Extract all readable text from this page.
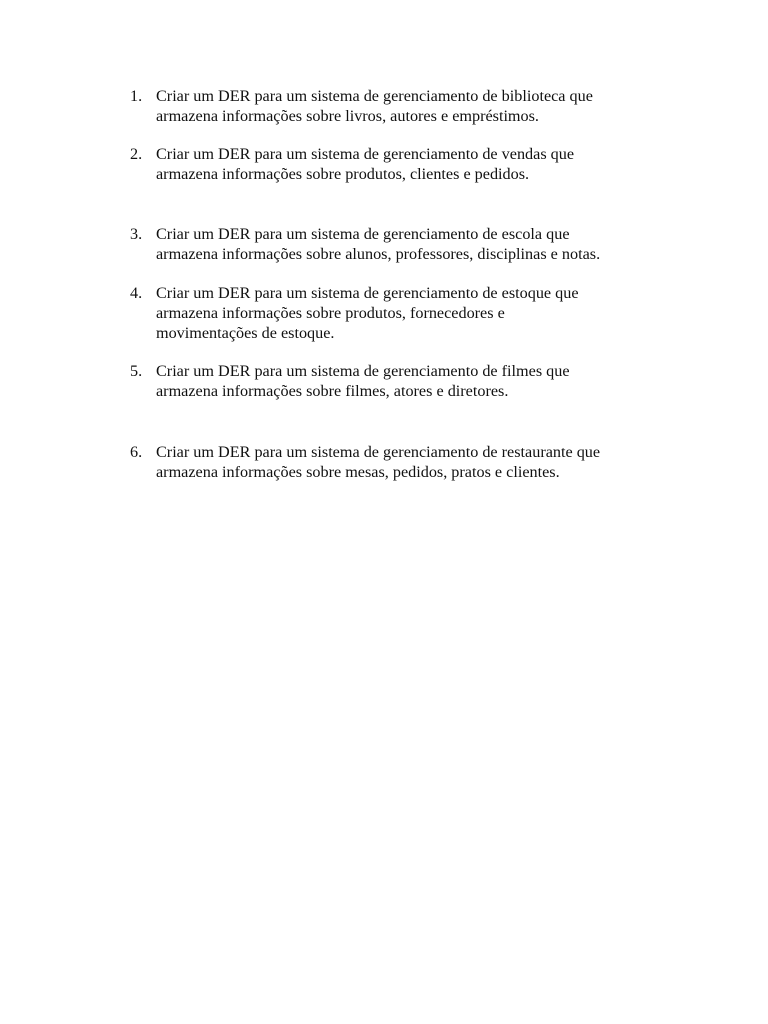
1. Criar um DER para um sistema de gerenciamento de biblioteca que
armazena informações sobre livros, autores e empréstimos.
2. Criar um DER para um sistema de gerenciamento de vendas que
armazena informações sobre produtos, clientes e pedidos.
3. Criar um DER para um sistema de gerenciamento de escola que
armazena informações sobre alunos, professores, disciplinas e notas.
4. Criar um DER para um sistema de gerenciamento de estoque que
armazena informações sobre produtos, fornecedores e
movimentações de estoque.
5. Criar um DER para um sistema de gerenciamento de filmes que
armazena informações sobre filmes, atores e diretores.
6. Criar um DER para um sistema de gerenciamento de restaurante que
armazena informações sobre mesas, pedidos, pratos e clientes.
